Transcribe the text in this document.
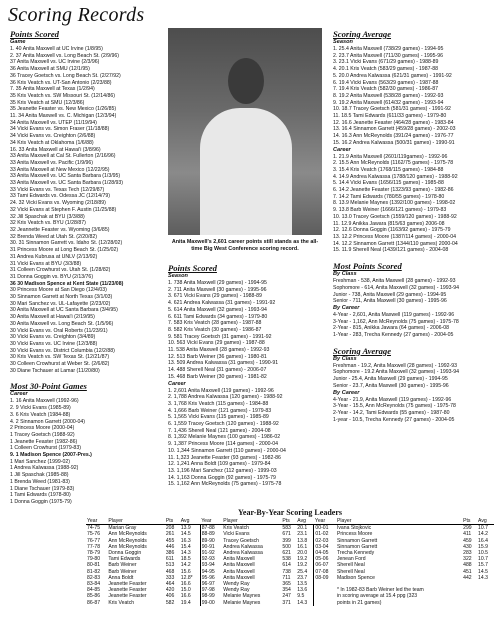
Scoring Records
Points Scored
Game
1. 40 Anita Maxwell at UC Irvine (1/8/95)
2. 37 Anita Maxwell vs. Long Beach St. (2/9/96)
37 Anita Maxwell vs. UC Irvine (2/3/96)
36 Anita Maxwell at SMU (12/1/95)
36 Tracey Goetsch vs. Long Beach St. (2/27/92)
36 Kris Veatch vs. UT-San Antonio (2/23/88)
7. 35 Anita Maxwell at Texas (1/2/94)
35 Kris Veatch vs. SW Missouri St. (12/14/86)
35 Kris Veatch at SMU (12/3/86)
35 Jeanette Feaster vs. New Mexico (1/26/85)
11. 34 Anita Maxwell vs. C. Michigan (12/3/94)
34 Anita Maxwell vs. UTEP (11/19/94)
34 Vicki Evans vs. Simon Fraser (11/18/88)
34 Vicki Evans vs. Creighton (2/6/88)
34 Kris Veatch at Oklahoma (1/6/88)
16. 33 Anita Maxwell at Hawai'i (3/8/96)
33 Anita Maxwell at Cal St. Fullerton (2/16/96)
33 Anita Maxwell vs. Pacific (1/9/96)
33 Anita Maxwell at New Mexico (12/22/95)
33 Anita Maxwell vs. UC Santa Barbara (1/3/95)
33 Anita Maxwell vs. UC Santa Barbara (1/28/93)
33 Vicki Evans vs. Texas Tech (12/29/87)
33 Tami Edwards vs. Odessa JC (12/14/79)
24. 32 Vicki Evans vs. Wyoming (2/18/89)
32 Vicki Evans at Stephen F. Austin (11/25/88)
32 Jill Spaschak at BYU (3/3/88)
32 Kris Veatch vs. BYU (1/28/87)
32 Jeannette Feaster vs. Wyoming (3/6/85)
32 Brenda Weed at Utah St. (2/20/82)
30. 31 Sinnamon Garrett vs. Idaho St. (12/28/02)
31 Princess Moore at Long Beach St. (1/25/02)
31 Andrea Kubrusa at UNLV (2/13/92)
31 Vicki Evans at BYU (3/3/88)
31 Colleen Crowhurst vs. Utah St. (1/28/82)
31 Donna Goggin vs. BYU (2/13/76)
36 30 Madison Spence at Kent State (11/23/08)
30 Princess Moore at San Diego (12/4/03)
30 Sinnamon Garrett at North Texas (3/1/03)
30 Mari Sanchez vs. UL-Lafayette (2/23/02)
30 Anita Maxwell at UC Santa Barbara (3/4/95)
30 Anita Maxwell at Hawai'i (2/19/95)
30 Anita Maxwell vs. Long Beach St. (1/5/96)
30 Vicki Evans vs. Oral Roberts (11/23/91)
30 Vicki Evans vs. Creighton (3/4/89)
30 Vicki Evans vs. UC Irvine (12/3/88)
30 Vicki Evans vs. District Columbia (12/2/88)
30 Kris Veatch vs. SW Texas St. (12/21/87)
30 Colleen Crowhurst at Weber St. (2/6/82)
30 Diane Tschauer at Lamar (11/20/80)
Most 30-Point Games
Career
1. 16 Anita Maxwell (1992-96)
2. 9 Vicki Evans (1985-89)
3. 6 Kris Veatch (1984-88)
4. 2 Sinnamon Garrett (2000-04)
2 Princess Moore (2000-04)
1 Tracey Goetsch (1988-92)
1 Jeanette Feaster (1982-86)
1 Colleen Crowhurst (1979-83)
9. 1 Madison Spence (2007-Pres.)
1 Mari Sanchez (1999-02)
1 Andrea Kalwassa (1988-92)
1 Jill Spaschak (1985-88)
1 Brenda Weed (1981-83)
1 Diane Tschauer (1979-83)
1 Tami Edwards (1978-80)
1 Donna Goggin (1975-79)
Anita Maxwell's 2,601 career points still stands as the all-time Big West Conference scoring record.
Points Scored
Season
1. 738 Anita Maxwell (29 games) - 1994-95
2. 711 Anita Maxwell (30 games) - 1995-96
3. 671 Vicki Evans (29 games) - 1988-89
4. 621 Andrea Kalwassa (31 games) - 1991-92
5. 614 Anita Maxwell (32 games) - 1993-94
6. 611 Tami Edwards (34 games) - 1979-80
7. 583 Kris Veatch (28 games) - 1987-88
8. 582 Kris Veatch (30 games) - 1986-87
9. 581 Tracey Goetsch (31 games) - 1991-92
10. 563 Vicki Evans (29 games) - 1987-88
11. 538 Anita Maxwell (28 games) - 1992-93
12. 513 Barb Weiner (36 games) - 1980-81
13. 509 Andrea Kalwassa (31 games) - 1990-91
14. 488 Sherell Neal (31 games) - 2006-07
15. 468 Barb Weiner (30 games) - 1981-82
Career
1. 2,601 Anita Maxwell (119 games) - 1992-96
2. 1,788 Andrea Kalwassa (120 games) - 1988-92
3. 1,768 Kris Veatch (115 games) - 1984-88
4. 1,666 Barb Weiner (121 games) - 1979-83
5. 1,565 Vicki Evans (115 games) - 1985-89
6. 1,559 Tracey Goetsch (120 games) - 1988-92
7. 1,436 Sherell Neal (121 games) - 2004-08
8. 1,392 Melanie Maynes (100 games) - 1986-02
9. 1,387 Princess Moore (114 games) - 2000-04
10. 1,344 Sinnamon Garrett (110 games) - 2000-04
11. 1,323 Jeanette Feaster (93 games) - 1982-86
12. 1,241 Anna Boldt (109 games) - 1979-84
13. 1,196 Mari Sanchez (112 games) - 1999-03
14. 1,163 Donna Goggin (92 games) - 1975-79
15. 1,162 Ann McReynolds (75 games) - 1975-78
Scoring Average
Season
1. 25.4 Anita Maxwell (738/29 games) - 1994-95
2. 23.7 Anita Maxwell (711/30 games) - 1995-96
3. 23.1 Vicki Evans (671/29 games) - 1988-89
4. 20.1 Kris Veatch (583/29 games) - 1987-88
5. 20.0 Andrea Kalwassa (621/31 games) - 1991-92
6. 19.4 Vicki Evans (563/29 games) - 1987-88
7. 19.4 Kris Veatch (582/30 games) - 1986-87
8. 19.2 Anita Maxwell (538/28 games) - 1992-93
9. 19.2 Anita Maxwell (614/32 games) - 1993-94
10. 18.7 Tracey Goetsch (581/31 games) - 1991-92
11. 18.5 Tami Edwards (611/33 games) - 1979-80
12. 16.6 Jeanette Feaster (464/28 games) - 1983-84
13. 16.4 Sinnamon Garrett (459/28 games) - 2002-03
14. 16.3 Ann McReynolds (391/24 games) - 1976-77
15. 16.2 Andrea Kalwassa (500/31 games) - 1990-91
Career
1. 21.9 Anita Maxwell (2601/119games) - 1992-96
2. 15.5 Ann McReynolds (1162/75 games) - 1975-78
3. 15.4 Kris Veatch (1768/115 games) - 1984-88
4. 14.9 Andrea Kalwassa (1788/120 games) - 1988-92
5. 14.4 Vicki Evans (1656/115 games) - 1985-88
6. 14.2 Jeanette Feaster (1323/93 games) - 1982-86
7. 14.2 Tami Edwards (780/55 games) - 1978-80
8. 13.9 Melanie Maynes (1392/100 games) - 1998-02
9. 13.8 Barb Weiner (1666/121 games) - 1979-83
10. 13.0 Tracey Goetsch (1559/120 games) - 1988-92
11. 12.9 Anikka Jawara (815/63 games) 2006-08
12. 12.6 Donna Goggin (1163/92 games) - 1975-79
13. 12.2 Princess Moore (1387/114 games) - 2000-04
14. 12.2 Sinnamon Garrett (1344/110 games) 2000-04
15. 11.9 Sherell Neal (1439/121 games) - 2004-08
Most Points Scored
By Class
Freshman - 538, Anita Maxwell (28 games) - 1992-93
Sophomore - 614, Anita Maxwell (32 games) - 1993-94
Junior - 738, Anita Maxwell (29 games) - 1994-95
Senior - 711, Anita Maxwell (30 games) - 1995-96
By Career
4-Year - 2,601, Anita Maxwell (119 games) - 1992-96
3-Year - 1,162, Ann McReynolds (75 games) - 1975-78
2-Year - 815, Anikka Jawara (64 games) - 2006-08
1-Year - 283, Trecha Kennedy (27 games) - 2004-05
Scoring Average
By Class
Freshman - 19.2, Anita Maxwell (28 games) - 1992-93
Sophomore - 19.2 Anita Maxwell (32 games) - 1993-94
Junior - 25.4, Anita Maxwell (29 games) - 1994-95
Senior - 23.7, Anita Maxwell (30 games) - 1995-96
By Career
4-Year - 21.9, Anita Maxwell (119 games) - 1992-96
3-Year - 15.5, Ann McReynolds (75 games) - 1975-78
2-Year - 14.2, Tami Edwards (55 games) - 1987-80
1-year - 10.5, Trecha Kennedy (27 games) - 2004-05
Year-By-Year Scoring Leaders
Year	Player	Pts	Avg	Year	Player	Pts	Avg	Year	Player	Pts	Avg
74-75	Marian Gray	208	13.9	87-88	Kris Veatch	583	20.1	00-01	Ivana Stojkovic	299	10.7
75-76	Ann McReynolds	261	14.5	88-89	Vicki Evans	671	23.1	01-02	Princess Moore	411	14.2
76-77	Ann McReynolds	455	16.3	89-90	Tracey Goetsch	399	13.8	02-03	Sinnamon Garrett	459	16.4
77-78	Ann McReynolds	446	15.4	90-91	Andrea Kalwassa	500	16.1	03-04	Sinnamon Garrett	430	15.9
78-79	Donna Goggin	386	14.3	91-92	Andrea Kalwassa	621	20.0	04-05	Trecha Kennedy	283	10.5
79-80	Tami Edwards	611	18.5	92-93	Anita Maxwell	538	19.2	05-06	Jenean Ford	322	10.7
80-81	Barb Weiner	513	14.2	93-94	Anita Maxwell	614	19.2	06-07	Sherell Neal	488	15.7
81-82	Barb Weiner	468	15.6	94-95	Anita Maxwell	738	25.4	07-08	Sherell Neal	451	14.5
82-83	Anna Boldt	333	12.8*	95-96	Anita Maxwell	711	23.7	08-09	Madison Spence	442	14.3
83-84	Jeanette Feaster	464	16.6	96-97	Wendy Ray	365	13.5				
84-85	Jeanette Feaster	420	15.0	97-98	Wendy Ray	354	13.6		* In 1982-83 Barb Weiner led the team		
85-86	Jeanette Feaster	406	16.6	98-99	Melanie Maynes	247	9.5		in scoring average at 15.4 ppg (323		
86-87	Kris Veatch	582	19.4	99-00	Melanie Maynes	371	14.3		points in 21 games)		
